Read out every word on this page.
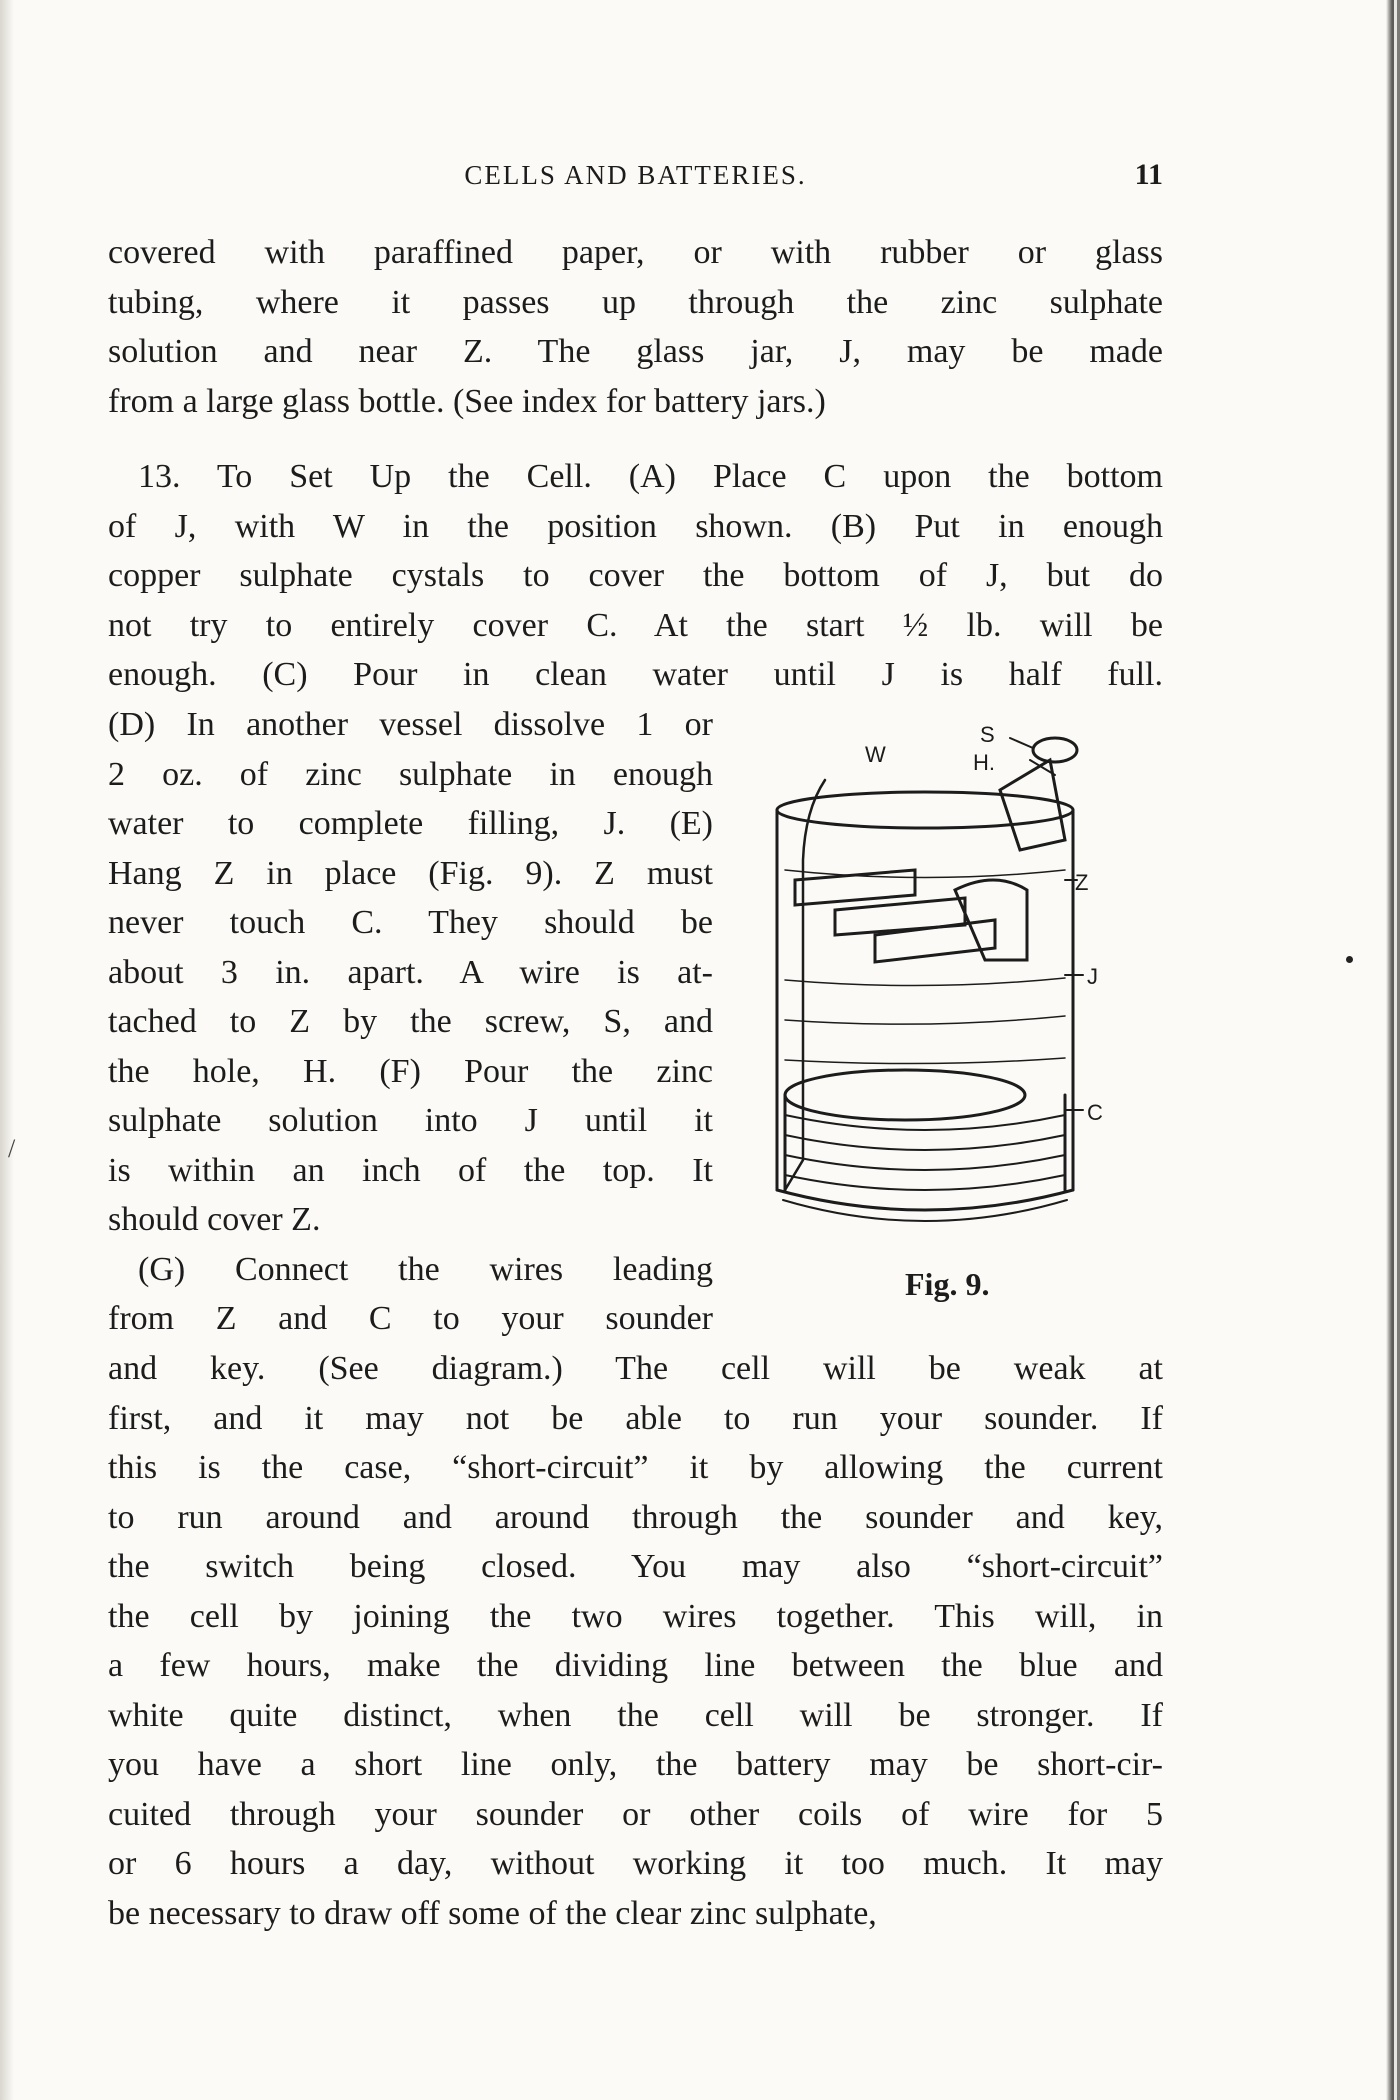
/
CELLS AND BATTERIES.	11
covered with paraffined paper, or with rubber or glass
tubing, where it passes up through the zinc sulphate
solution and near Z. The glass jar, J, may be made
from a large glass bottle. (See index for battery jars.)
13. To Set Up the Cell. (A) Place C upon the bottom
of J, with W in the position shown. (B) Put in enough
copper sulphate cystals to cover the bottom of J, but do
not try to entirely cover C. At the start ½ lb. will be
enough. (C) Pour in clean water until J is half full.
(D) In another vessel dissolve 1 or
2 oz. of zinc sulphate in enough
water to complete filling, J. (E)
Hang Z in place (Fig. 9). Z must
never touch C. They should be
about 3 in. apart. A wire is at-
tached to Z by the screw, S, and
the hole, H. (F) Pour the zinc
sulphate solution into J until it
is within an inch of the top. It
should cover Z.
(G) Connect the wires leading
from Z and C to your sounder
and key. (See diagram.) The cell will be weak at
first, and it may not be able to run your sounder. If
this is the case, “short-circuit” it by allowing the current
to run around and around through the sounder and key,
the switch being closed. You may also “short-circuit”
the cell by joining the two wires together. This will, in
a few hours, make the dividing line between the blue and
white quite distinct, when the cell will be stronger. If
you have a short line only, the battery may be short-cir-
cuited through your sounder or other coils of wire for 5
or 6 hours a day, without working it too much. It may
be necessary to draw off some of the clear zinc sulphate,
S
H.
W
Z
J
C
Fig. 9.
